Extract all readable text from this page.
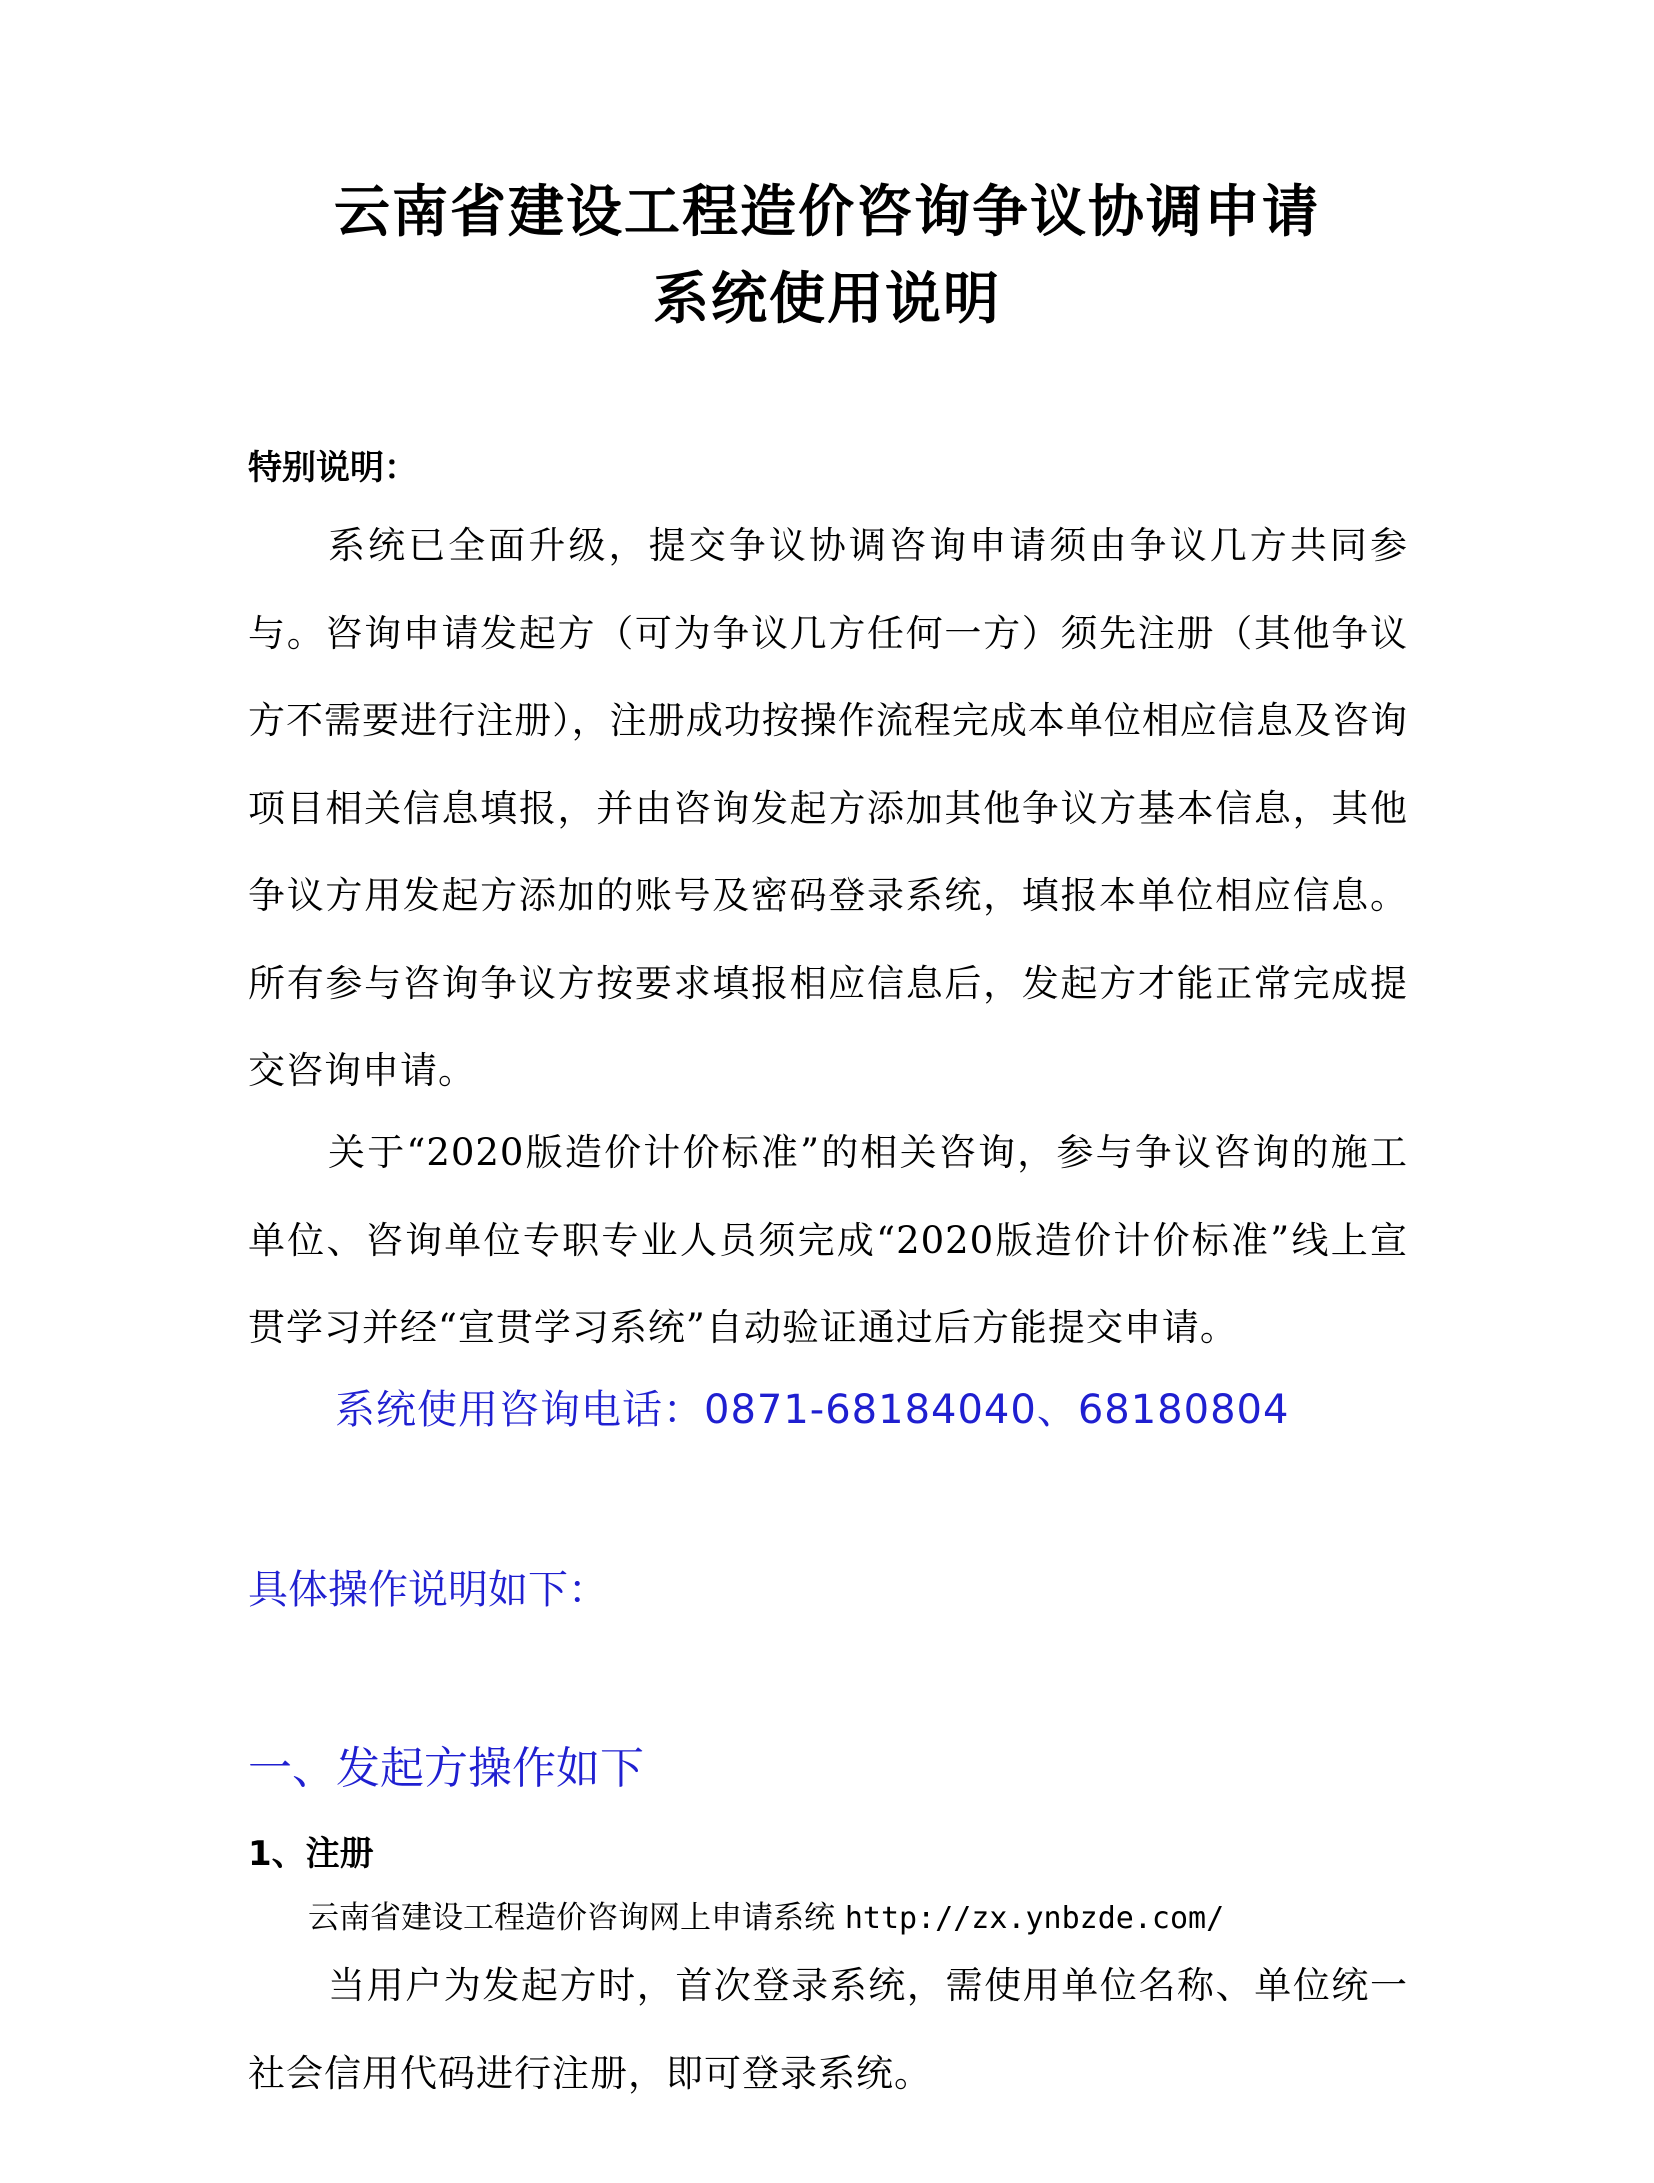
云南省建设工程造价咨询争议协调申请
系统使用说明
特别说明：

系统已全面升级，提交争议协调咨询申请须由争议几方共同参与。咨询申请发起方（可为争议几方任何一方）须先注册（其他争议方不需要进行注册），注册成功按操作流程完成本单位相应信息及咨询项目相关信息填报，并由咨询发起方添加其他争议方基本信息，其他争议方用发起方添加的账号及密码登录系统，填报本单位相应信息。所有参与咨询争议方按要求填报相应信息后，发起方才能正常完成提交咨询申请。

关于“2020版造价计价标准”的相关咨询，参与争议咨询的施工单位、咨询单位专职专业人员须完成“2020版造价计价标准”线上宣贯学习并经“宣贯学习系统”自动验证通过后方能提交申请。

系统使用咨询电话：0871-68184040、68180804
具体操作说明如下：
一、发起方操作如下
1、注册
云南省建设工程造价咨询网上申请系统 http://zx.ynbzde.com/

当用户为发起方时，首次登录系统，需使用单位名称、单位统一社会信用代码进行注册，即可登录系统。
